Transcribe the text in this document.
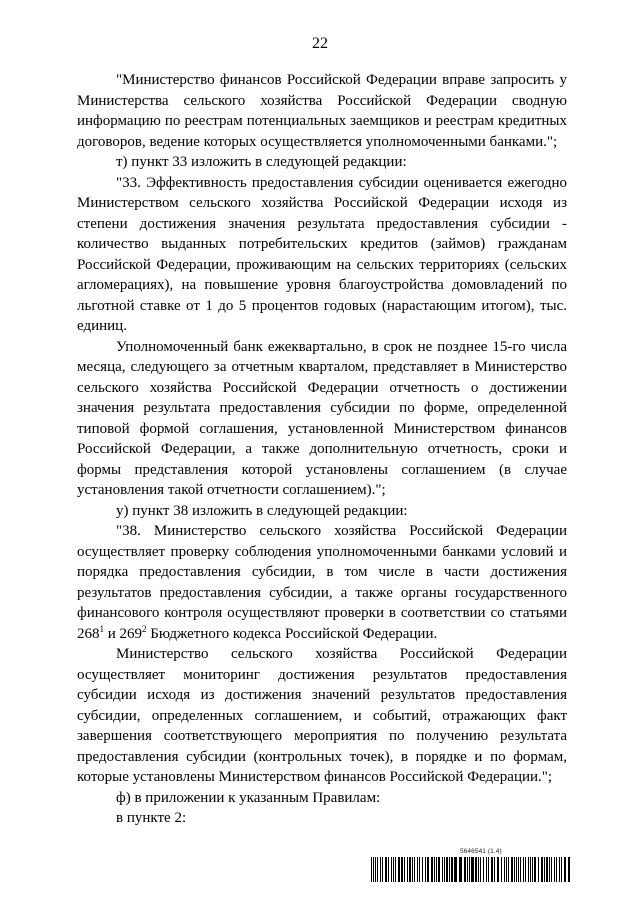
22

"Министерство финансов Российской Федерации вправе запросить у Министерства сельского хозяйства Российской Федерации сводную информацию по реестрам потенциальных заемщиков и реестрам кредитных договоров, ведение которых осуществляется уполномоченными банками.";

т) пункт 33 изложить в следующей редакции:

"33. Эффективность предоставления субсидии оценивается ежегодно Министерством сельского хозяйства Российской Федерации исходя из степени достижения значения результата предоставления субсидии - количество выданных потребительских кредитов (займов) гражданам Российской Федерации, проживающим на сельских территориях (сельских агломерациях), на повышение уровня благоустройства домовладений по льготной ставке от 1 до 5 процентов годовых (нарастающим итогом), тыс. единиц.

Уполномоченный банк ежеквартально, в срок не позднее 15-го числа месяца, следующего за отчетным кварталом, представляет в Министерство сельского хозяйства Российской Федерации отчетность о достижении значения результата предоставления субсидии по форме, определенной типовой формой соглашения, установленной Министерством финансов Российской Федерации, а также дополнительную отчетность, сроки и формы представления которой установлены соглашением (в случае установления такой отчетности соглашением).";

у) пункт 38 изложить в следующей редакции:

"38. Министерство сельского хозяйства Российской Федерации осуществляет проверку соблюдения уполномоченными банками условий и порядка предоставления субсидии, в том числе в части достижения результатов предоставления субсидии, а также органы государственного финансового контроля осуществляют проверки в соответствии со статьями $268^1$ и $269^2$ Бюджетного кодекса Российской Федерации.

Министерство сельского хозяйства Российской Федерации осуществляет мониторинг достижения результатов предоставления субсидии исходя из достижения значений результатов предоставления субсидии, определенных соглашением, и событий, отражающих факт завершения соответствующего мероприятия по получению результата предоставления субсидии (контрольных точек), в порядке и по формам, которые установлены Министерством финансов Российской Федерации.";

ф) в приложении к указанным Правилам:

в пункте 2:

5646541 (1.4)
